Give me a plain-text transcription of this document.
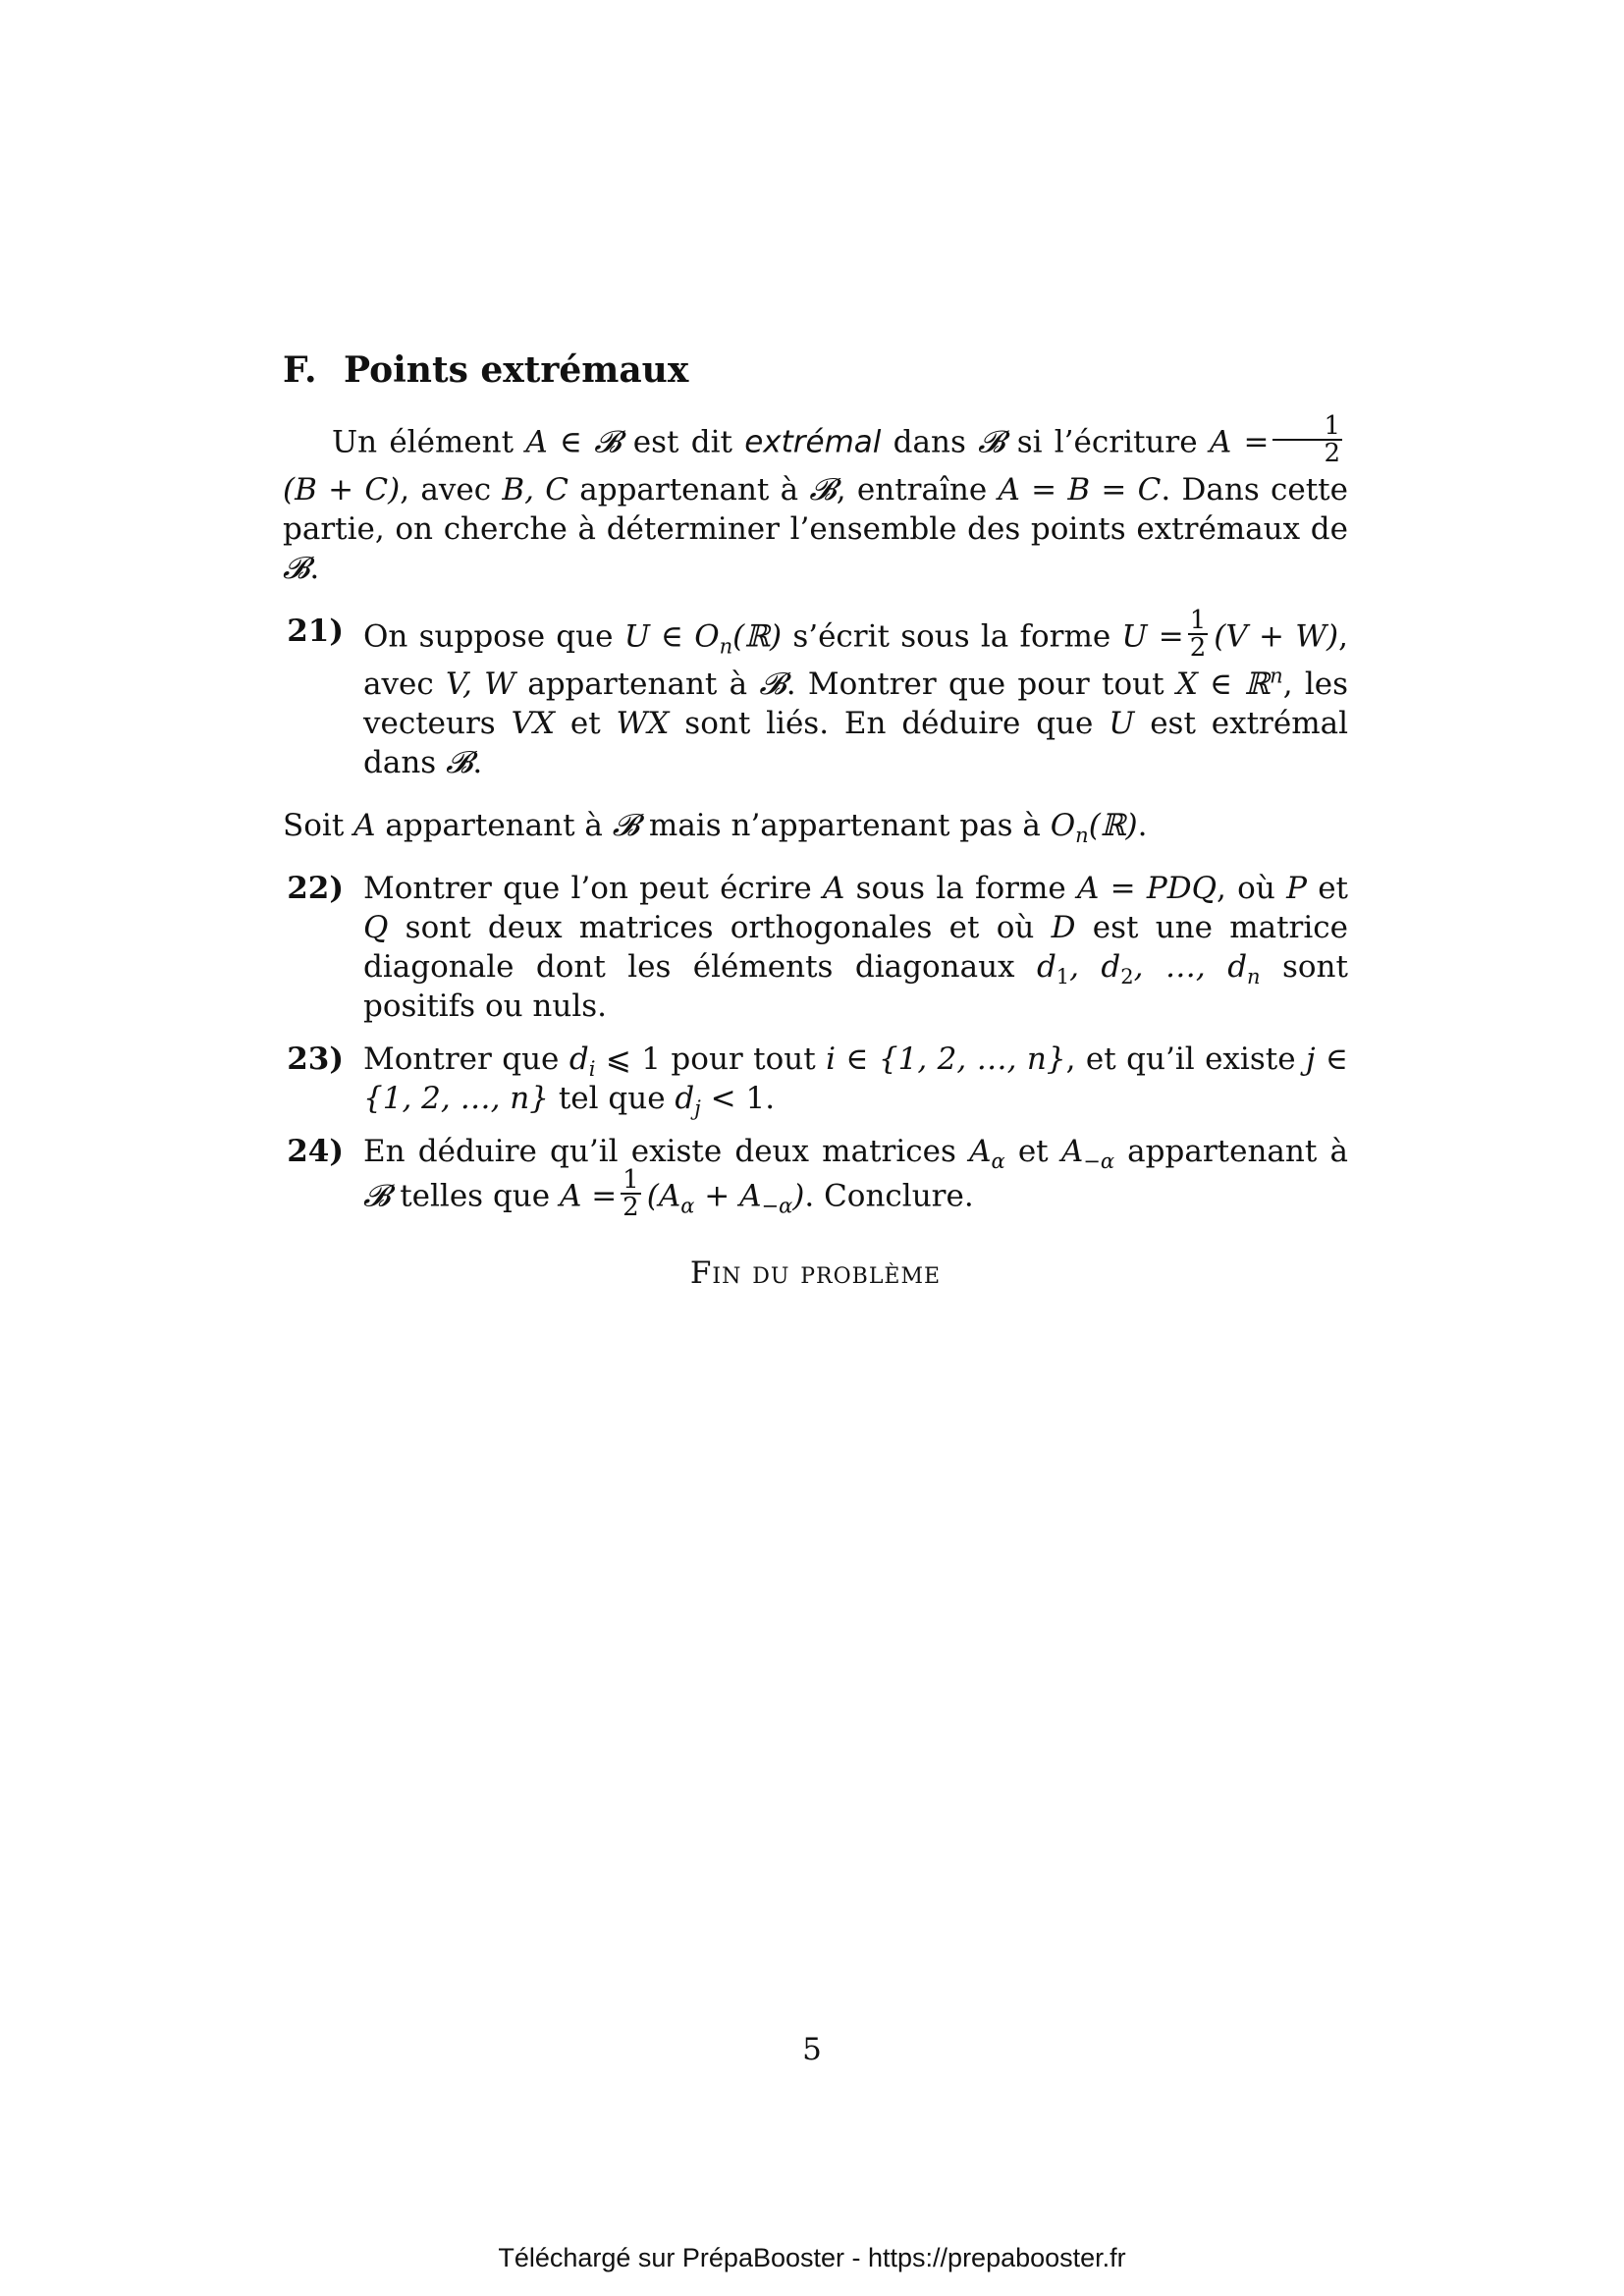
F. Points extrémaux

Un élément A ∈ 𝓑 est dit extrémal dans 𝓑 si l’écriture $A = \frac{1}{2}$
(B + C), avec B, C appartenant à 𝓑, entraîne A = B = C. Dans cette partie, on cherche à déterminer l’ensemble des points extrémaux de 𝓑.

21) On suppose que U ∈ $O_n(ℝ)$ s’écrit sous la forme $U = \frac{1}{2} (V + W)$, avec V, W appartenant à 𝓑. Montrer que pour tout X ∈ ℝ$^n$, les vecteurs VX et WX sont liés. En déduire que U est extrémal dans 𝓑.

Soit A appartenant à 𝓑 mais n’appartenant pas à $O_n(ℝ)$.

22) Montrer que l’on peut écrire A sous la forme A = PDQ, où P et Q sont deux matrices orthogonales et où D est une matrice diagonale dont les éléments diagonaux $d_1$, $d_2$, …, $d_n$ sont positifs ou nuls.
23) Montrer que $d_i$ ⩽ 1 pour tout i ∈ {1, 2, …, n}, et qu’il existe j ∈ {1, 2, …, n} tel que $d_j < 1$.
24) En déduire qu’il existe deux matrices $A_\alpha$ et $A_{-\alpha}$ appartenant à 𝓑 telles que $A = \frac{1}{2} (A_\alpha + A_{-\alpha})$. Conclure.
Fin du problème
5
Téléchargé sur PrépaBooster - https://prepabooster.fr
